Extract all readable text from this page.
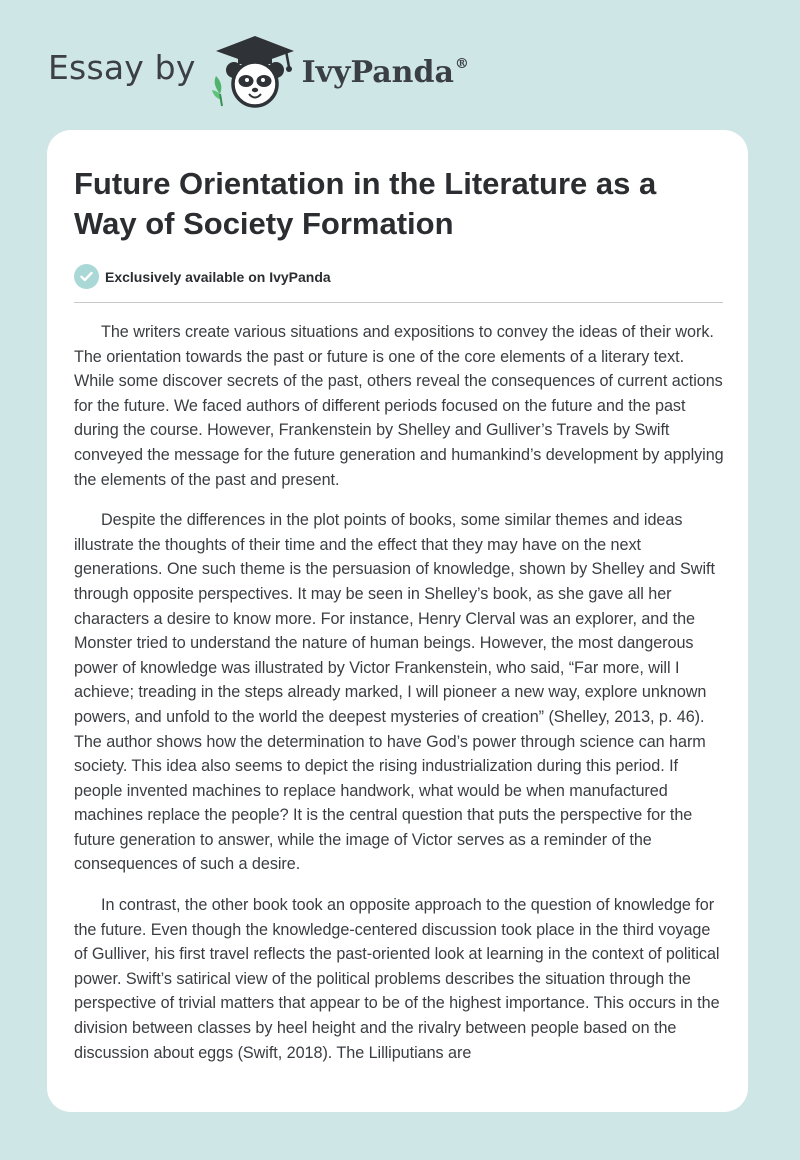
Essay by	IvyPanda®
Future Orientation in the Literature as a Way of Society Formation
Exclusively available on IvyPanda

The writers create various situations and expositions to convey the ideas of their work. The orientation towards the past or future is one of the core elements of a literary text. While some discover secrets of the past, others reveal the consequences of current actions for the future. We faced authors of different periods focused on the future and the past during the course. However, Frankenstein by Shelley and Gulliver’s Travels by Swift conveyed the message for the future generation and humankind’s development by applying the elements of the past and present.

Despite the differences in the plot points of books, some similar themes and ideas illustrate the thoughts of their time and the effect that they may have on the next generations. One such theme is the persuasion of knowledge, shown by Shelley and Swift through opposite perspectives. It may be seen in Shelley’s book, as she gave all her characters a desire to know more. For instance, Henry Clerval was an explorer, and the Monster tried to understand the nature of human beings. However, the most dangerous power of knowledge was illustrated by Victor Frankenstein, who said, “Far more, will I achieve; treading in the steps already marked, I will pioneer a new way, explore unknown powers, and unfold to the world the deepest mysteries of creation” (Shelley, 2013, p. 46). The author shows how the determination to have God’s power through science can harm society. This idea also seems to depict the rising industrialization during this period. If people invented machines to replace handwork, what would be when manufactured machines replace the people? It is the central question that puts the perspective for the future generation to answer, while the image of Victor serves as a reminder of the consequences of such a desire.

In contrast, the other book took an opposite approach to the question of knowledge for the future. Even though the knowledge-centered discussion took place in the third voyage of Gulliver, his first travel reflects the past-oriented look at learning in the context of political power. Swift’s satirical view of the political problems describes the situation through the perspective of trivial matters that appear to be of the highest importance. This occurs in the division between classes by heel height and the rivalry between people based on the discussion about eggs (Swift, 2018). The Lilliputians are
